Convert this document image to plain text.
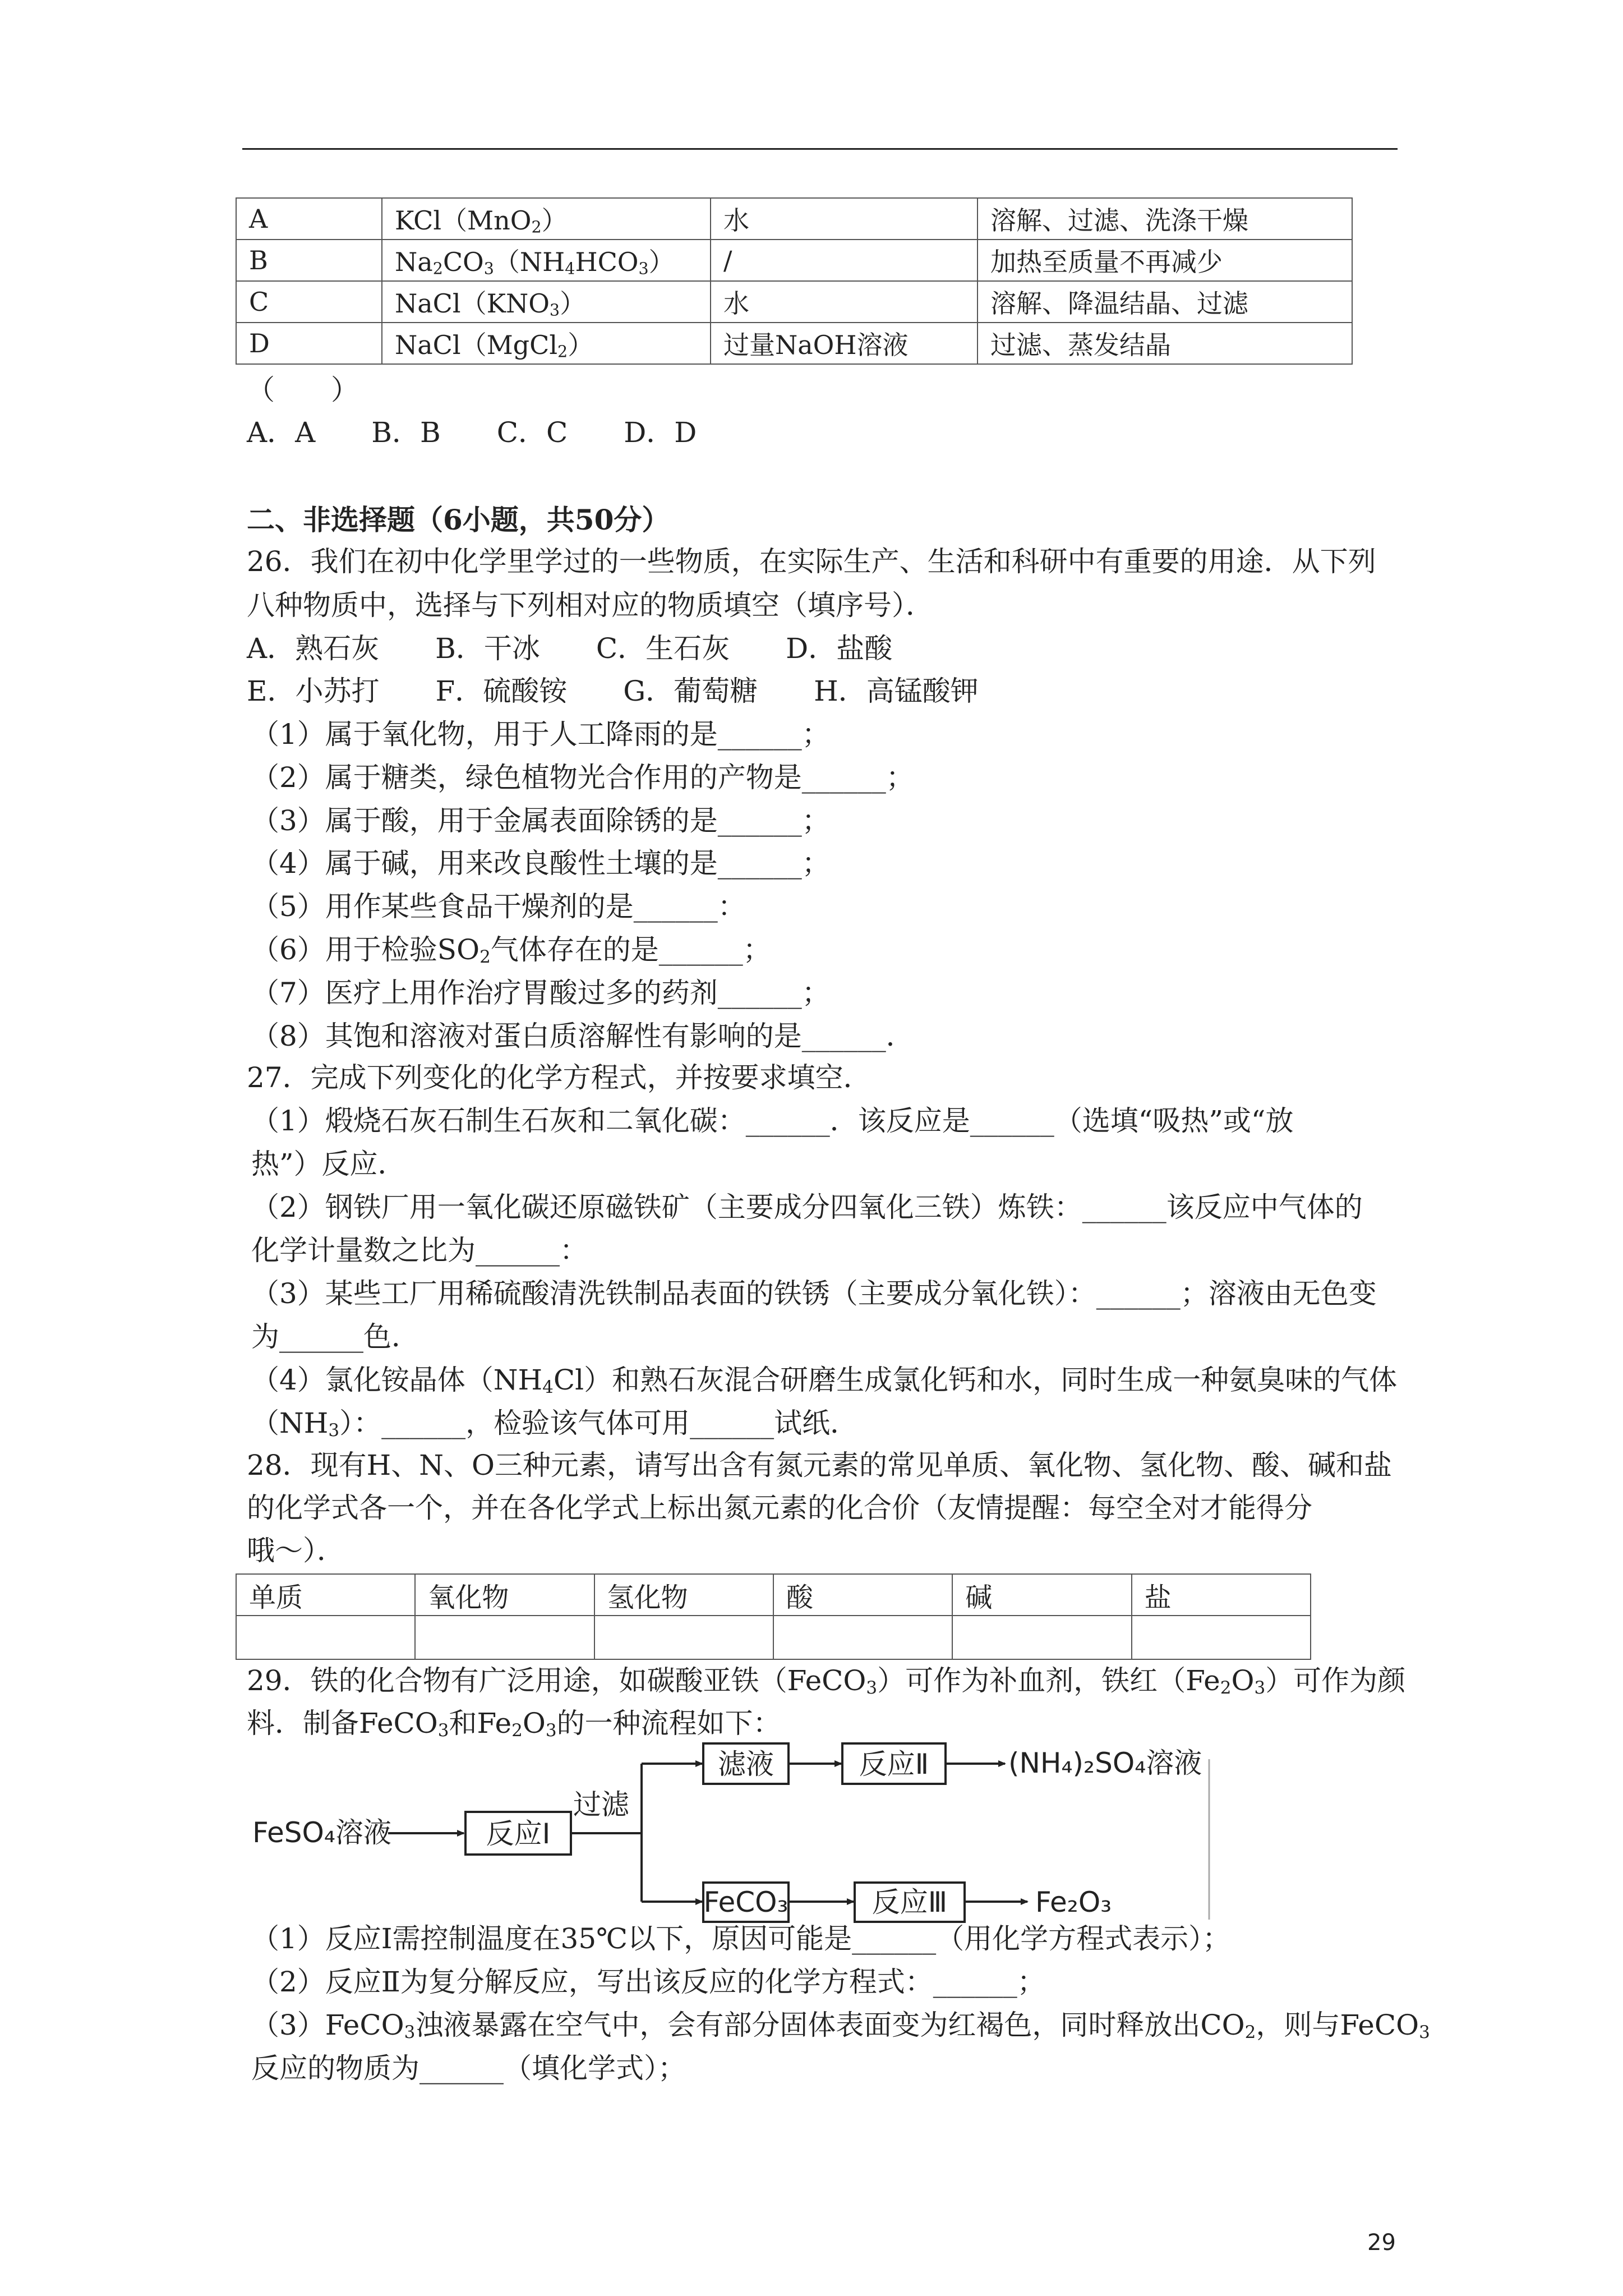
A	KCl（MnO$_2$）	水	溶解、过滤、洗涤干燥
B	$Na_2CO_3(NH_4HCO_3)$	/	加热至质量不再减少
C	$NaCl(KNO_3)$	水	溶解、降温结晶、过滤
D	NaCl（MgCl$_2$）	过量NaOH溶液	过滤、蒸发结晶
（　　）
A．A　　B．B　　C．C　　D．D
二、非选择题（6小题，共50分）
26．我们在初中化学里学过的一些物质，在实际生产、生活和科研中有重要的用途．从下列
八种物质中，选择与下列相对应的物质填空（填序号）．
A．熟石灰　　B．干冰　　C．生石灰　　D．盐酸
E．小苏打　　F．硫酸铵　　G．葡萄糖　　H．高锰酸钾
（1）属于氧化物，用于人工降雨的是______；
（2）属于糖类，绿色植物光合作用的产物是______；
（3）属于酸，用于金属表面除锈的是______；
（4）属于碱，用来改良酸性土壤的是______；
（5）用作某些食品干燥剂的是______：
（6）用于检验$SO_2$气体存在的是______；
（7）医疗上用作治疗胃酸过多的药剂______；
（8）其饱和溶液对蛋白质溶解性有影响的是______．
27．完成下列变化的化学方程式，并按要求填空．
（1）煅烧石灰石制生石灰和二氧化碳：______．该反应是______（选填“吸热”或“放
热”）反应．
（2）钢铁厂用一氧化碳还原磁铁矿（主要成分四氧化三铁）炼铁：______该反应中气体的
化学计量数之比为______：
（3）某些工厂用稀硫酸清洗铁制品表面的铁锈（主要成分氧化铁）：______；溶液由无色变
为______色．
（4）氯化铵晶体$(NH_4Cl)$和熟石灰混合研磨生成氯化钙和水，同时生成一种氨臭味的气体
$(NH_3)$：______，检验该气体可用______试纸．
28．现有H、N、O三种元素，请写出含有氮元素的常见单质、氧化物、氢化物、酸、碱和盐
的化学式各一个，并在各化学式上标出氮元素的化合价（友情提醒：每空全对才能得分
哦～）．
单质	氧化物	氢化物	酸	碱	盐

29．铁的化合物有广泛用途，如碳酸亚铁（FeCO$_3$）可作为补血剂，铁红$(Fe_2O_3)$可作为颜
料．制备FeCO$_3$和$Fe_2O_3$的一种流程如下：
FeSO₄溶液	反应Ⅰ
过滤
滤液	反应Ⅱ	(NH₄)₂SO₄溶液
FeCO₃	反应Ⅲ	Fe₂O₃
（1）反应Ⅰ需控制温度在35℃以下，原因可能是______（用化学方程式表示）；
（2）反应Ⅱ为复分解反应，写出该反应的化学方程式：______；
（3）FeCO$_3$浊液暴露在空气中，会有部分固体表面变为红褐色，同时释放出$CO_2$，则与FeCO$_3$
反应的物质为______（填化学式）；
29
